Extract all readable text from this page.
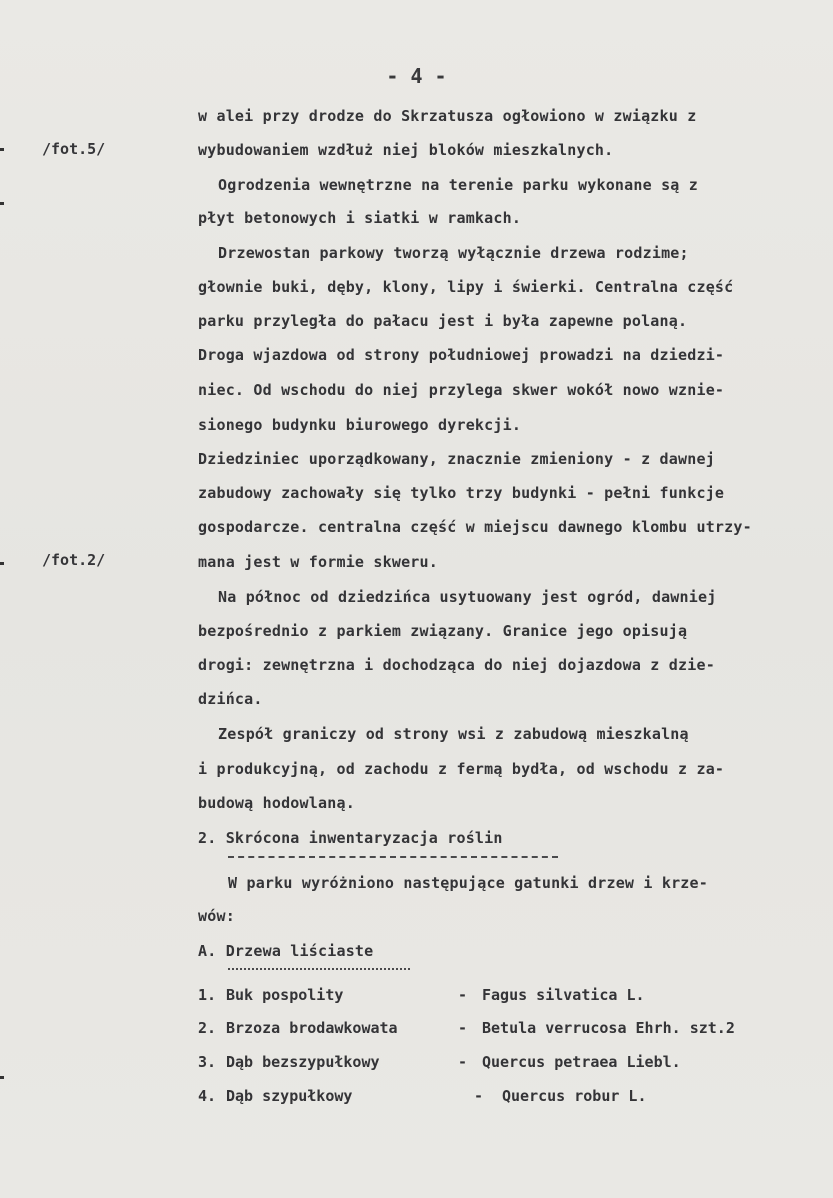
- 4 -
/fot.5/
/fot.2/
w alei przy drodze do Skrzatusza ogłowiono w związku z
wybudowaniem wzdłuż niej bloków mieszkalnych.
Ogrodzenia wewnętrzne na terenie parku wykonane są z
płyt betonowych i siatki w ramkach.
Drzewostan parkowy tworzą wyłącznie drzewa rodzime;
głownie buki, dęby, klony, lipy i świerki. Centralna część
parku przyległa do pałacu jest i była zapewne polaną.
Droga wjazdowa od strony południowej prowadzi na dziedzi-
niec. Od wschodu do niej przylega skwer wokół nowo wznie-
sionego budynku biurowego dyrekcji.
Dziedziniec uporządkowany, znacznie zmieniony - z dawnej
zabudowy zachowały się tylko trzy budynki - pełni funkcje
gospodarcze. centralna część w miejscu dawnego klombu utrzy-
mana jest w formie skweru.
Na północ od dziedzińca usytuowany jest ogród, dawniej
bezpośrednio z parkiem związany. Granice jego opisują
drogi: zewnętrzna i dochodząca do niej dojazdowa z dzie-
dzińca.
Zespół graniczy od strony wsi z zabudową mieszkalną
i produkcyjną, od zachodu z fermą bydła, od wschodu z za-
budową hodowlaną.
2. Skrócona inwentaryzacja roślin
W parku wyróżniono następujące gatunki drzew i krze-
wów:
A. Drzewa liściaste
1. Buk pospolity	- Fagus silvatica L.
2. Brzoza brodawkowata	- Betula verrucosa Ehrh. szt.2
3. Dąb bezszypułkowy	- Quercus petraea Liebl.
4. Dąb szypułkowy	-	Quercus robur L.
